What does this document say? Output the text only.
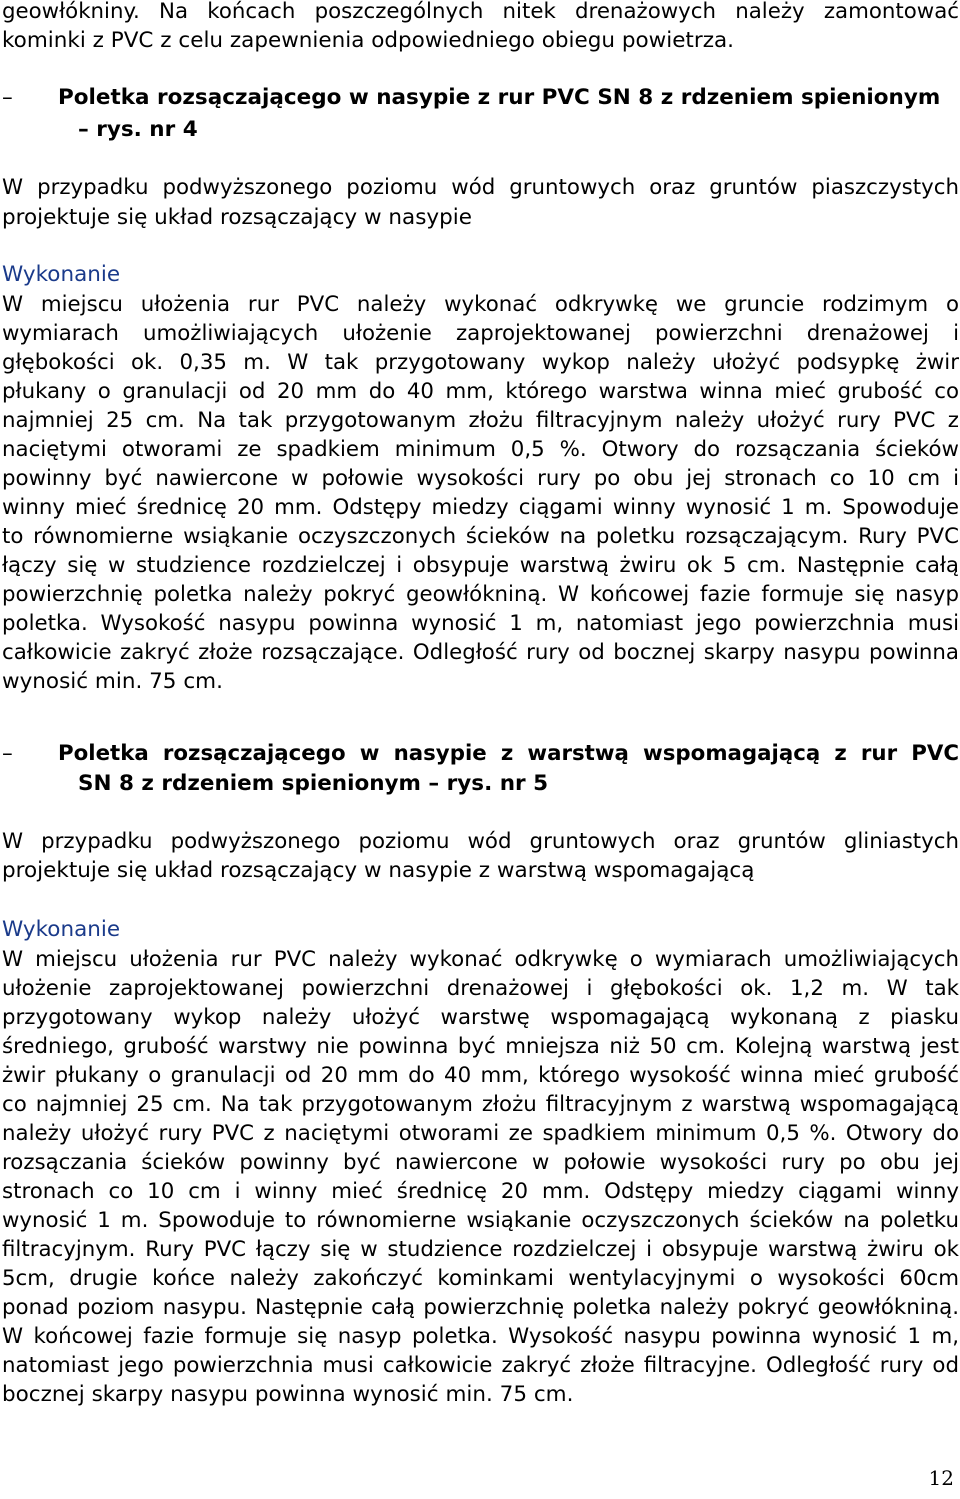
geowłókniny. Na końcach poszczególnych nitek drenażowych należy zamontować
kominki z PVC z celu zapewnienia odpowiedniego obiegu powietrza.
– Poletka rozsączającego w nasypie z rur PVC SN 8 z rdzeniem spienionym
– rys. nr 4
W przypadku podwyższonego poziomu wód gruntowych oraz gruntów piaszczystych
projektuje się układ rozsączający w nasypie
Wykonanie
W miejscu ułożenia rur PVC należy wykonać odkrywkę we gruncie rodzimym o
wymiarach umożliwiających ułożenie zaprojektowanej powierzchni drenażowej i
głębokości ok. 0,35 m. W tak przygotowany wykop należy ułożyć podsypkę żwir
płukany o granulacji od 20 mm do 40 mm, którego warstwa winna mieć grubość co
najmniej 25 cm. Na tak przygotowanym złożu filtracyjnym należy ułożyć rury PVC z
naciętymi otworami ze spadkiem minimum 0,5 %. Otwory do rozsączania ścieków
powinny być nawiercone w połowie wysokości rury po obu jej stronach co 10 cm i
winny mieć średnicę 20 mm. Odstępy miedzy ciągami winny wynosić 1 m. Spowoduje
to równomierne wsiąkanie oczyszczonych ścieków na poletku rozsączającym. Rury PVC
łączy się w studzience rozdzielczej i obsypuje warstwą żwiru ok 5 cm. Następnie całą
powierzchnię poletka należy pokryć geowłókniną. W końcowej fazie formuje się nasyp
poletka. Wysokość nasypu powinna wynosić 1 m, natomiast jego powierzchnia musi
całkowicie zakryć złoże rozsączające. Odległość rury od bocznej skarpy nasypu powinna
wynosić min. 75 cm.
– Poletka rozsączającego w nasypie z warstwą wspomagającą z rur PVC
SN 8 z rdzeniem spienionym – rys. nr 5
W przypadku podwyższonego poziomu wód gruntowych oraz gruntów gliniastych
projektuje się układ rozsączający w nasypie z warstwą wspomagającą
Wykonanie
W miejscu ułożenia rur PVC należy wykonać odkrywkę o wymiarach umożliwiających
ułożenie zaprojektowanej powierzchni drenażowej i głębokości ok. 1,2 m. W tak
przygotowany wykop należy ułożyć warstwę wspomagającą wykonaną z piasku
średniego, grubość warstwy nie powinna być mniejsza niż 50 cm. Kolejną warstwą jest
żwir płukany o granulacji od 20 mm do 40 mm, którego wysokość winna mieć grubość
co najmniej 25 cm. Na tak przygotowanym złożu filtracyjnym z warstwą wspomagającą
należy ułożyć rury PVC z naciętymi otworami ze spadkiem minimum 0,5 %. Otwory do
rozsączania ścieków powinny być nawiercone w połowie wysokości rury po obu jej
stronach co 10 cm i winny mieć średnicę 20 mm. Odstępy miedzy ciągami winny
wynosić 1 m. Spowoduje to równomierne wsiąkanie oczyszczonych ścieków na poletku
filtracyjnym. Rury PVC łączy się w studzience rozdzielczej i obsypuje warstwą żwiru ok
5cm, drugie końce należy zakończyć kominkami wentylacyjnymi o wysokości 60cm
ponad poziom nasypu. Następnie całą powierzchnię poletka należy pokryć geowłókniną.
W końcowej fazie formuje się nasyp poletka. Wysokość nasypu powinna wynosić 1 m,
natomiast jego powierzchnia musi całkowicie zakryć złoże filtracyjne. Odległość rury od
bocznej skarpy nasypu powinna wynosić min. 75 cm.
12
